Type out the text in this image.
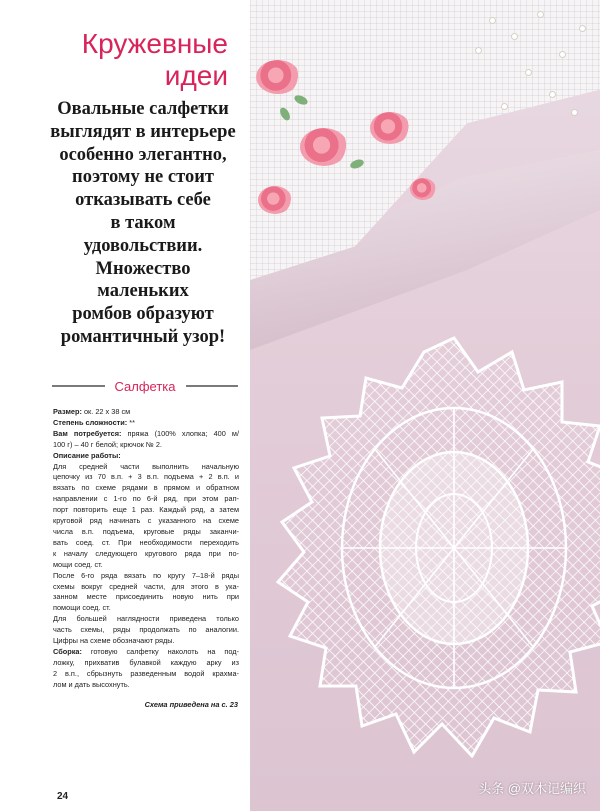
头条 @双木记编织
Кружевные
идеи
Овальные салфетки
выглядят в интерьере
особенно элегантно,
поэтому не стоит
отказывать себе
в таком
удовольствии.
Множество
маленьких
ромбов образуют
романтичный узор!
Салфетка
Размер: ок. 22 х 38 см
Степень сложности: **
Вам потребуется: пряжа (100% хлопка; 400 м/
100 г) – 40 г белой; крючок № 2.
Описание работы:
Для средней части выполнить начальную
цепочку из 70 в.п. + 3 в.п. подъема + 2 в.п. и
вязать по схеме рядами в прямом и обратном
направлении с 1-го по 6-й ряд, при этом рап-
порт повторить еще 1 раз. Каждый ряд, а затем
круговой ряд начинать с указанного на схеме
числа в.п. подъема, круговые ряды заканчи-
вать соед. ст. При необходимости переходить
к началу следующего кругового ряда при по-
мощи соед. ст.
После 6-го ряда вязать по кругу 7–18-й ряды
схемы вокруг средней части, для этого в ука-
занном месте присоединить новую нить при
помощи соед. ст.
Для большей наглядности приведена только
часть схемы, ряды продолжать по аналогии.
Цифры на схеме обозначают ряды.
Сборка: готовую салфетку наколоть на под-
ложку, прихватив булавкой каждую арку из
2 в.п., сбрызнуть разведенным водой крахма-
лом и дать высохнуть.
Схема приведена на с. 23
24
